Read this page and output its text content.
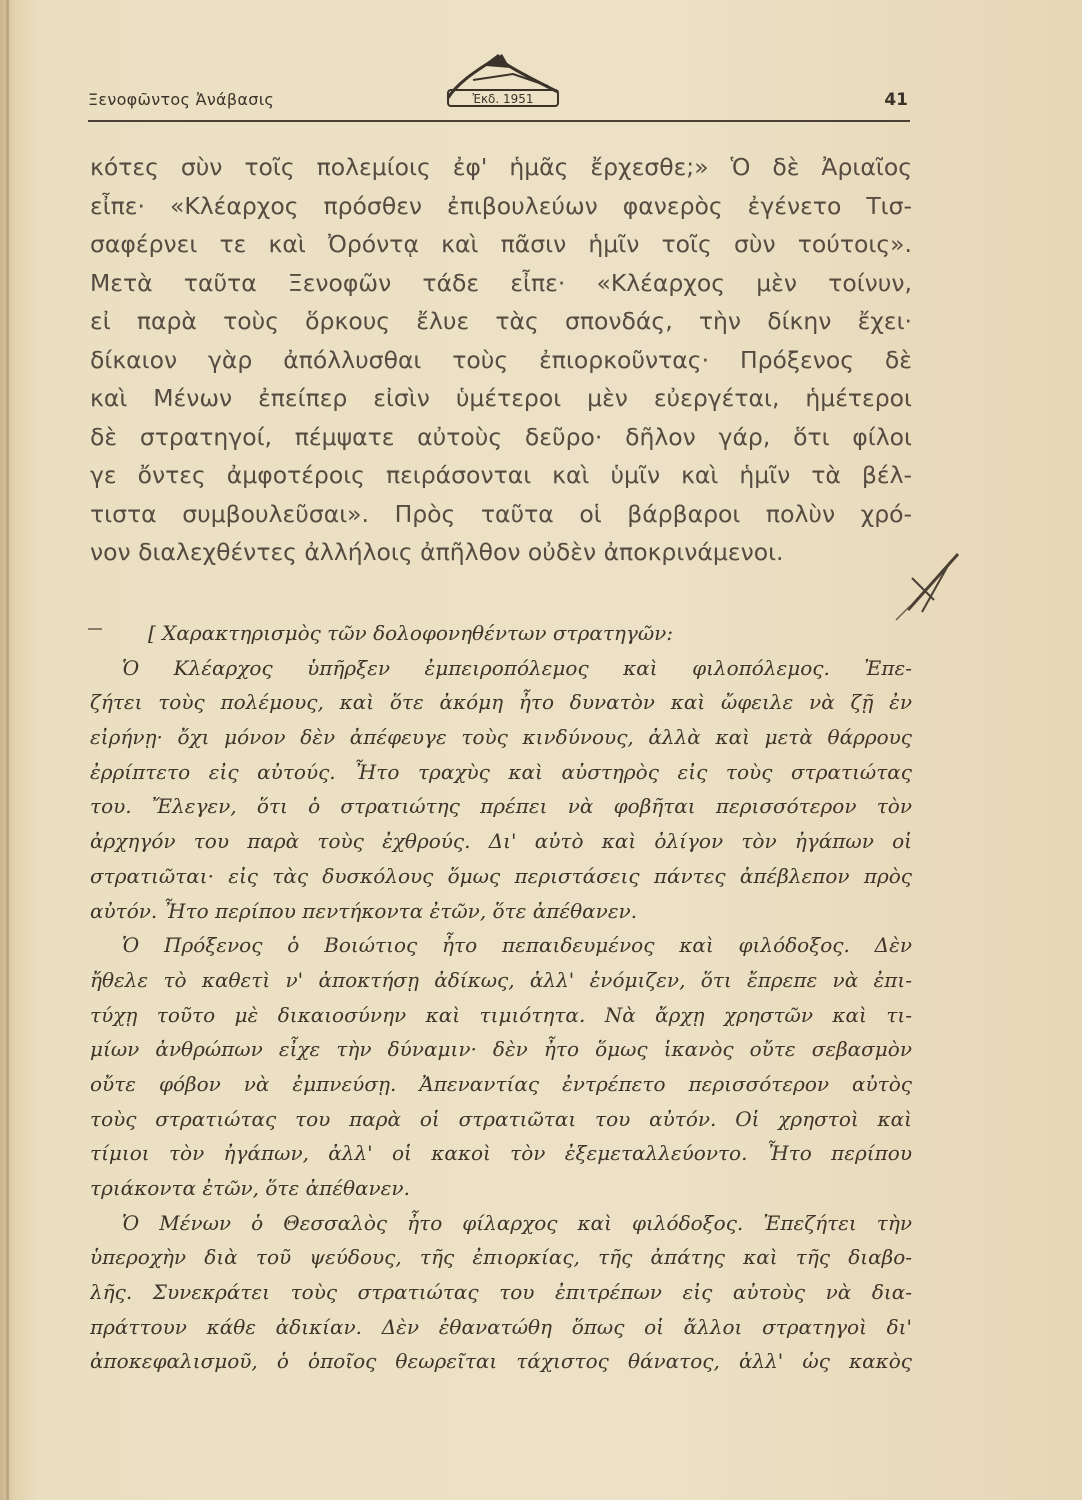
Ξενοφῶντος Ἀνάβασις	Ἐκδ. 1951	41
κότες σὺν τοῖς πολεμίοις ἐφ' ἡμᾶς ἔρχεσθε;» Ὁ δὲ Ἀριαῖος
εἶπε· «Κλέαρχος πρόσθεν ἐπιβουλεύων φανερὸς ἐγένετο Τισ-
σαφέρνει τε καὶ Ὀρόντᾳ καὶ πᾶσιν ἡμῖν τοῖς σὺν τούτοις».
Μετὰ ταῦτα Ξενοφῶν τάδε εἶπε· «Κλέαρχος μὲν τοίνυν,
εἰ παρὰ τοὺς ὅρκους ἔλυε τὰς σπονδάς, τὴν δίκην ἔχει·
δίκαιον γὰρ ἀπόλλυσθαι τοὺς ἐπιορκοῦντας· Πρόξενος δὲ
καὶ Μένων ἐπείπερ εἰσὶν ὑμέτεροι μὲν εὐεργέται, ἡμέτεροι
δὲ στρατηγοί, πέμψατε αὐτοὺς δεῦρο· δῆλον γάρ, ὅτι φίλοι
γε ὄντες ἀμφοτέροις πειράσονται καὶ ὑμῖν καὶ ἡμῖν τὰ βέλ-
τιστα συμβουλεῦσαι». Πρὸς ταῦτα οἱ βάρβαροι πολὺν χρό-
νον διαλεχθέντες ἀλλήλοις ἀπῆλθον οὐδὲν ἀποκρινάμενοι.
[ Χαρακτηρισμὸς τῶν δολοφονηθέντων στρατηγῶν:
Ὁ Κλέαρχος ὑπῆρξεν ἐμπειροπόλεμος καὶ φιλοπόλεμος. Ἐπε-
ζήτει τοὺς πολέμους, καὶ ὅτε ἀκόμη ἦτο δυνατὸν καὶ ὤφειλε νὰ ζῇ ἐν
εἰρήνῃ· ὄχι μόνον δὲν ἀπέφευγε τοὺς κινδύνους, ἀλλὰ καὶ μετὰ θάρρους
ἐρρίπτετο εἰς αὐτούς. Ἦτο τραχὺς καὶ αὐστηρὸς εἰς τοὺς στρατιώτας
του. Ἔλεγεν, ὅτι ὁ στρατιώτης πρέπει νὰ φοβῆται περισσότερον τὸν
ἀρχηγόν του παρὰ τοὺς ἐχθρούς. Δι' αὐτὸ καὶ ὀλίγον τὸν ἠγάπων οἱ
στρατιῶται· εἰς τὰς δυσκόλους ὅμως περιστάσεις πάντες ἀπέβλεπον πρὸς
αὐτόν. Ἦτο περίπου πεντήκοντα ἐτῶν, ὅτε ἀπέθανεν.
Ὁ Πρόξενος ὁ Βοιώτιος ἦτο πεπαιδευμένος καὶ φιλόδοξος. Δὲν
ἤθελε τὸ καθετὶ ν' ἀποκτήσῃ ἀδίκως, ἀλλ' ἐνόμιζεν, ὅτι ἔπρεπε νὰ ἐπι-
τύχῃ τοῦτο μὲ δικαιοσύνην καὶ τιμιότητα. Νὰ ἄρχῃ χρηστῶν καὶ τι-
μίων ἀνθρώπων εἶχε τὴν δύναμιν· δὲν ἦτο ὅμως ἱκανὸς οὔτε σεβασμὸν
οὔτε φόβον νὰ ἐμπνεύσῃ. Ἀπεναντίας ἐντρέπετο περισσότερον αὐτὸς
τοὺς στρατιώτας του παρὰ οἱ στρατιῶται του αὐτόν. Οἱ χρηστοὶ καὶ
τίμιοι τὸν ἠγάπων, ἀλλ' οἱ κακοὶ τὸν ἐξεμεταλλεύοντο. Ἦτο περίπου
τριάκοντα ἐτῶν, ὅτε ἀπέθανεν.
Ὁ Μένων ὁ Θεσσαλὸς ἦτο φίλαρχος καὶ φιλόδοξος. Ἐπεζήτει τὴν
ὑπεροχὴν διὰ τοῦ ψεύδους, τῆς ἐπιορκίας, τῆς ἀπάτης καὶ τῆς διαβο-
λῆς. Συνεκράτει τοὺς στρατιώτας του ἐπιτρέπων εἰς αὐτοὺς νὰ δια-
πράττουν κάθε ἀδικίαν. Δὲν ἐθανατώθη ὅπως οἱ ἄλλοι στρατηγοὶ δι'
ἀποκεφαλισμοῦ, ὁ ὁποῖος θεωρεῖται τάχιστος θάνατος, ἀλλ' ὡς κακὸς
